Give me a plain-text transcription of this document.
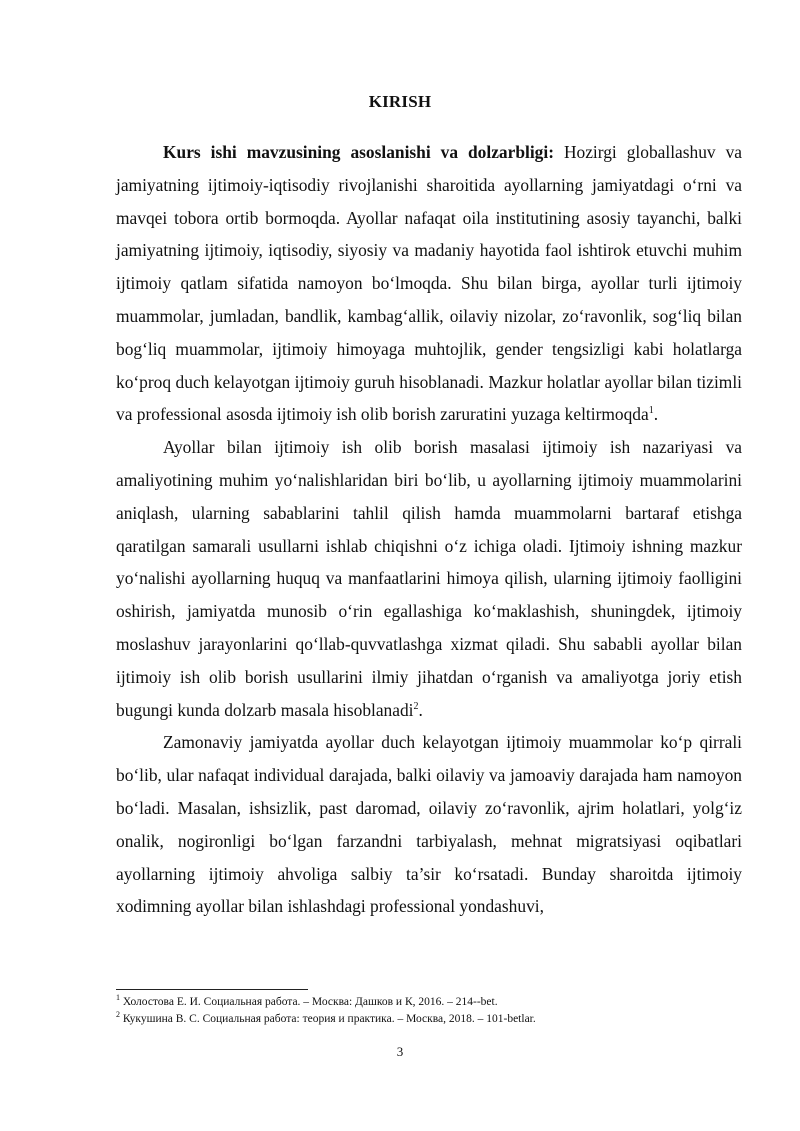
KIRISH

Kurs ishi mavzusining asoslanishi va dolzarbligi: Hozirgi globallashuv va jamiyatning ijtimoiy-iqtisodiy rivojlanishi sharoitida ayollarning jamiyatdagi o‘rni va mavqei tobora ortib bormoqda. Ayollar nafaqat oila institutining asosiy tayanchi, balki jamiyatning ijtimoiy, iqtisodiy, siyosiy va madaniy hayotida faol ishtirok etuvchi muhim ijtimoiy qatlam sifatida namoyon bo‘lmoqda. Shu bilan birga, ayollar turli ijtimoiy muammolar, jumladan, bandlik, kambag‘allik, oilaviy nizolar, zo‘ravonlik, sog‘liq bilan bog‘liq muammolar, ijtimoiy himoyaga muhtojlik, gender tengsizligi kabi holatlarga ko‘proq duch kelayotgan ijtimoiy guruh hisoblanadi. Mazkur holatlar ayollar bilan tizimli va professional asosda ijtimoiy ish olib borish zaruratini yuzaga keltirmoqda$^1$.

Ayollar bilan ijtimoiy ish olib borish masalasi ijtimoiy ish nazariyasi va amaliyotining muhim yo‘nalishlaridan biri bo‘lib, u ayollarning ijtimoiy muammolarini aniqlash, ularning sabablarini tahlil qilish hamda muammolarni bartaraf etishga qaratilgan samarali usullarni ishlab chiqishni o‘z ichiga oladi. Ijtimoiy ishning mazkur yo‘nalishi ayollarning huquq va manfaatlarini himoya qilish, ularning ijtimoiy faolligini oshirish, jamiyatda munosib o‘rin egallashiga ko‘maklashish, shuningdek, ijtimoiy moslashuv jarayonlarini qo‘llab-quvvatlashga xizmat qiladi. Shu sababli ayollar bilan ijtimoiy ish olib borish usullarini ilmiy jihatdan o‘rganish va amaliyotga joriy etish bugungi kunda dolzarb masala hisoblanadi$^2$.

Zamonaviy jamiyatda ayollar duch kelayotgan ijtimoiy muammolar ko‘p qirrali bo‘lib, ular nafaqat individual darajada, balki oilaviy va jamoaviy darajada ham namoyon bo‘ladi. Masalan, ishsizlik, past daromad, oilaviy zo‘ravonlik, ajrim holatlari, yolg‘iz onalik, nogironligi bo‘lgan farzandni tarbiyalash, mehnat migratsiyasi oqibatlari ayollarning ijtimoiy ahvoliga salbiy ta’sir ko‘rsatadi. Bunday sharoitda ijtimoiy xodimning ayollar bilan ishlashdagi professional yondashuvi,

$^1$ Холостова Е. И. Социальная работа. – Москва: Дашков и К, 2016. – 214--bet.
$^2$ Кукушина В. С. Социальная работа: теория и практика. – Москва, 2018. – 101-betlar.
3
